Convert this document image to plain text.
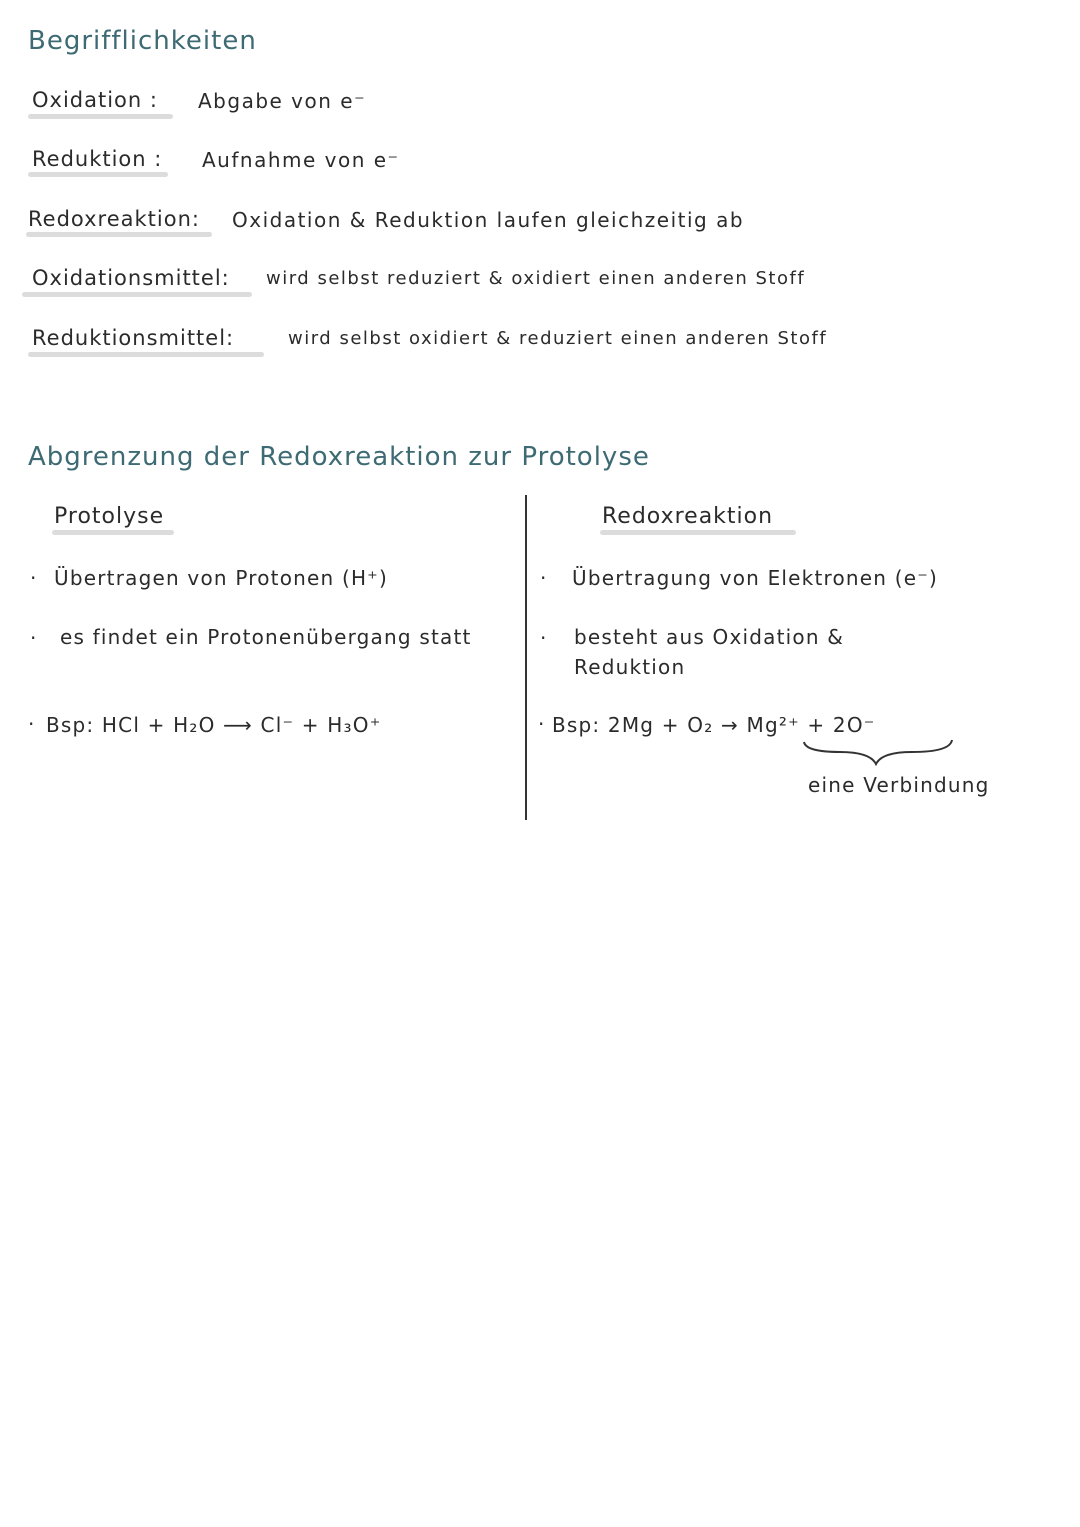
Begrifflichkeiten
Oxidation : Abgabe von e⁻
Reduktion : Aufnahme von e⁻
Redoxreaktion: Oxidation & Reduktion laufen gleichzeitig ab
Oxidationsmittel: wird selbst reduziert & oxidiert einen anderen Stoff
Reduktionsmittel:	wird selbst oxidiert & reduziert einen anderen Stoff
Abgrenzung der Redoxreaktion zur Protolyse
Protolyse
· Übertragen von Protonen (H⁺)
· es findet ein Protonenübergang statt
· Bsp: HCl + H₂O ⟶ Cl⁻ + H₃O⁺
Redoxreaktion
· Übertragung von Elektronen (e⁻)
· besteht aus Oxidation & Reduktion
· Bsp: 2Mg + O₂ → Mg²⁺ + 2O⁻
eine Verbindung
